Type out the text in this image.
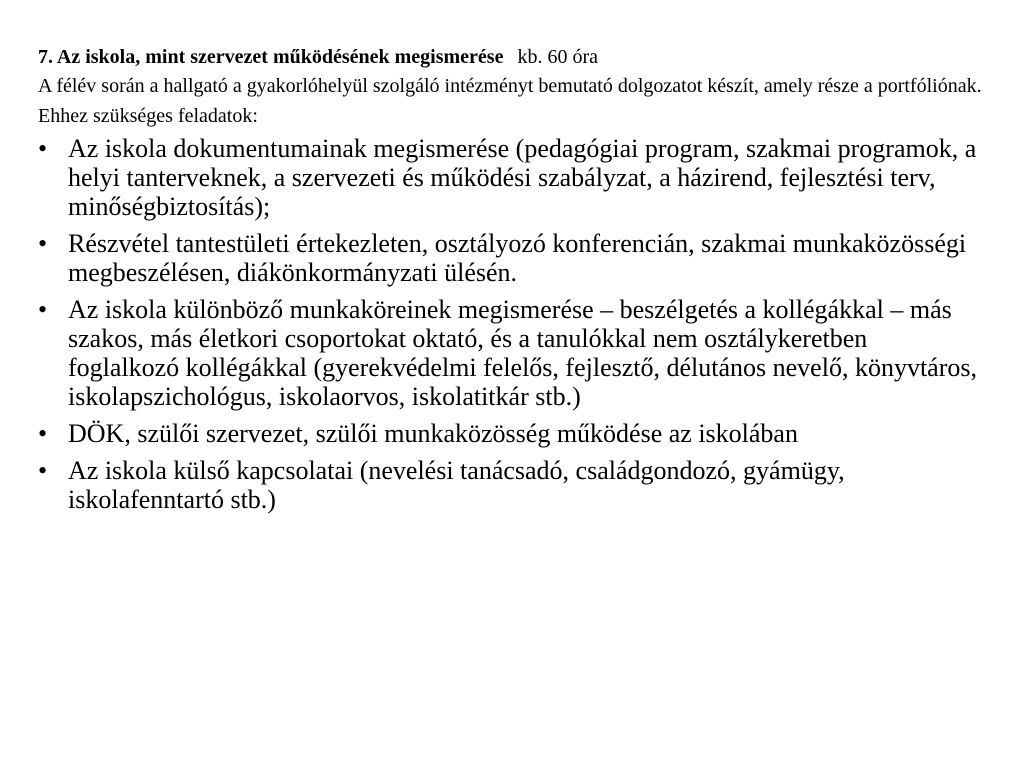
7. Az iskola, mint szervezet működésének megismerése kb. 60 óra

A félév során a hallgató a gyakorlóhelyül szolgáló intézményt bemutató dolgozatot készít, amely része a portfóliónak.

Ehhez szükséges feladatok:

• Az iskola dokumentumainak megismerése (pedagógiai program, szakmai programok, a helyi tanterveknek, a szervezeti és működési szabályzat, a házirend, fejlesztési terv, minőségbiztosítás);
• Részvétel tantestületi értekezleten, osztályozó konferencián, szakmai munkaközösségi megbeszélésen, diákönkormányzati ülésén.
• Az iskola különböző munkaköreinek megismerése – beszélgetés a kollégákkal – más szakos, más életkori csoportokat oktató, és a tanulókkal nem osztálykeretben foglalkozó kollégákkal (gyerekvédelmi felelős, fejlesztő, délutános nevelő, könyvtáros, iskolapszichológus, iskolaorvos, iskolatitkár stb.)
• DÖK, szülői szervezet, szülői munkaközösség működése az iskolában
• Az iskola külső kapcsolatai (nevelési tanácsadó, családgondozó, gyámügy, iskolafenntartó stb.)
